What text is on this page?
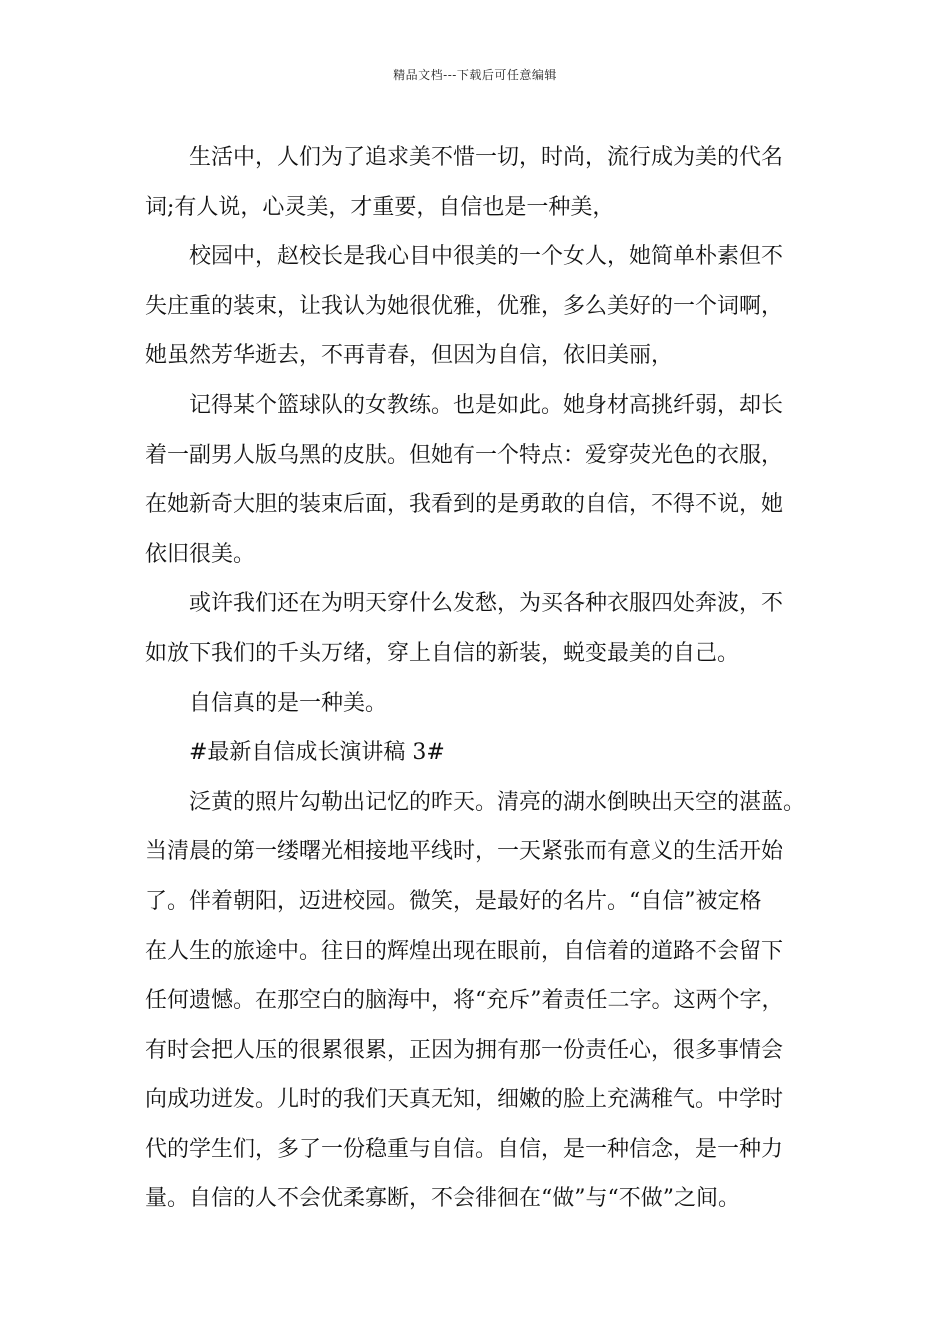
精品文档---下载后可任意编辑

生活中，人们为了追求美不惜一切，时尚，流行成为美的代名
词;有人说，心灵美，才重要，自信也是一种美，

校园中，赵校长是我心目中很美的一个女人，她简单朴素但不
失庄重的装束，让我认为她很优雅，优雅，多么美好的一个词啊，
她虽然芳华逝去，不再青春，但因为自信，依旧美丽，

记得某个篮球队的女教练。也是如此。她身材高挑纤弱，却长
着一副男人版乌黑的皮肤。但她有一个特点：爱穿荧光色的衣服，
在她新奇大胆的装束后面，我看到的是勇敢的自信，不得不说，她
依旧很美。

或许我们还在为明天穿什么发愁，为买各种衣服四处奔波，不
如放下我们的千头万绪，穿上自信的新装，蜕变最美的自己。

自信真的是一种美。

#最新自信成长演讲稿 3#

泛黄的照片勾勒出记忆的昨天。清亮的湖水倒映出天空的湛蓝。
当清晨的第一缕曙光相接地平线时，一天紧张而有意义的生活开始
了。伴着朝阳，迈进校园。微笑，是最好的名片。“自信”被定格
在人生的旅途中。往日的辉煌出现在眼前，自信着的道路不会留下
任何遗憾。在那空白的脑海中，将“充斥”着责任二字。这两个字，
有时会把人压的很累很累，正因为拥有那一份责任心，很多事情会
向成功迸发。儿时的我们天真无知，细嫩的脸上充满稚气。中学时
代的学生们，多了一份稳重与自信。自信，是一种信念，是一种力
量。自信的人不会优柔寡断，不会徘徊在“做”与“不做”之间。
